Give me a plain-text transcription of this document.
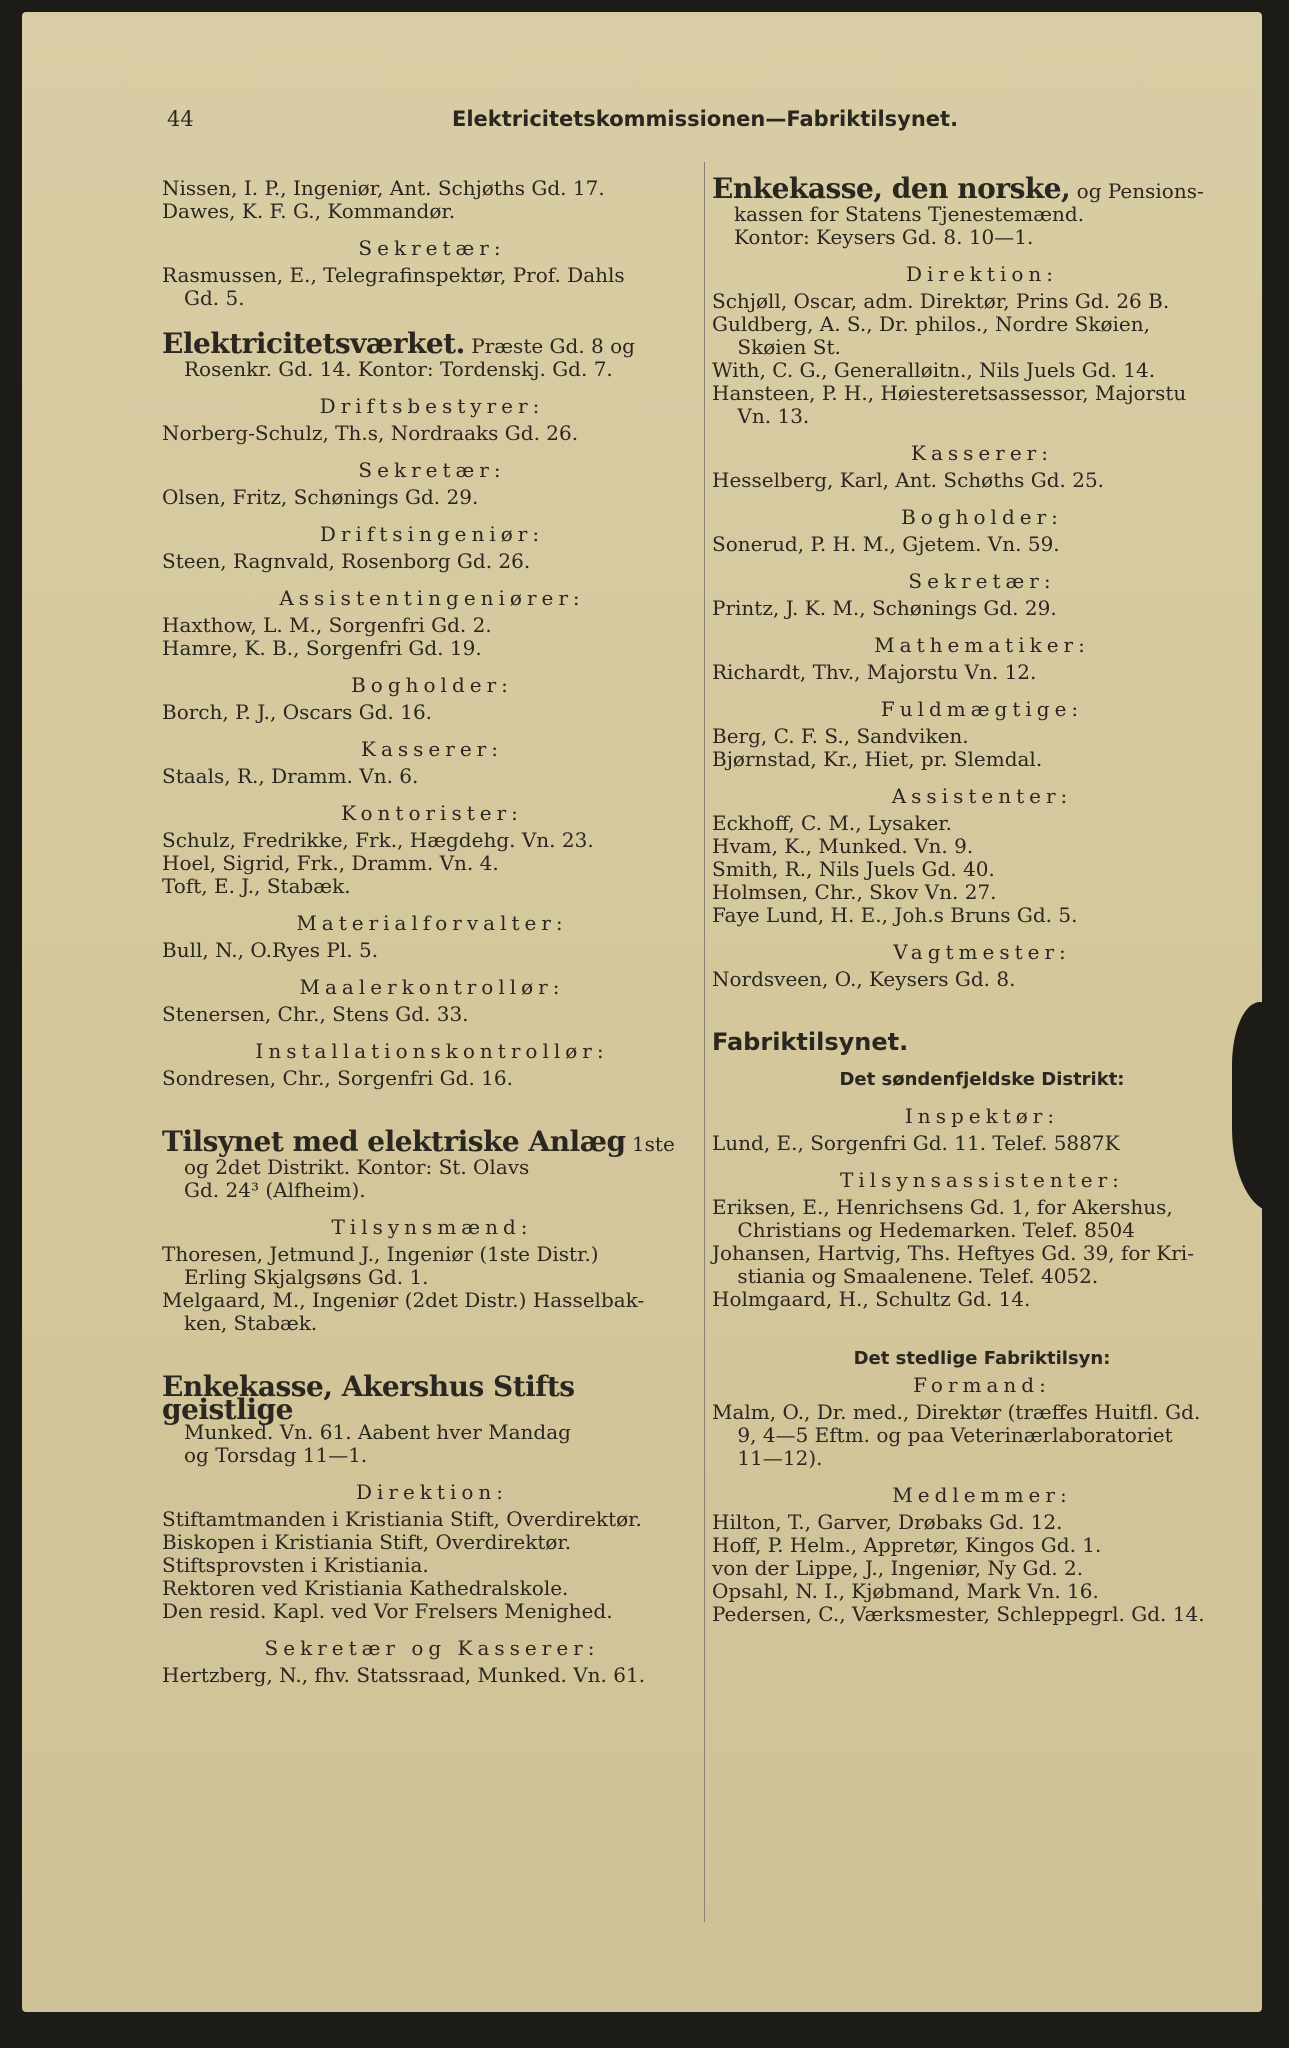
44	Elektricitetskommissionen—Fabriktilsynet.

Nissen, I. P., Ingeniør, Ant. Schjøths Gd. 17.

Dawes, K. F. G., Kommandør.

Sekretær:

Rasmussen, E., Telegrafinspektør, Prof. Dahls

Gd. 5.

Elektricitetsværket. Præste Gd. 8 og

Rosenkr. Gd. 14. Kontor: Tordenskj. Gd. 7.

Driftsbestyrer:

Norberg-Schulz, Th.s, Nordraaks Gd. 26.

Sekretær:

Olsen, Fritz, Schønings Gd. 29.

Driftsingeniør:

Steen, Ragnvald, Rosenborg Gd. 26.

Assistentingeniører:

Haxthow, L. M., Sorgenfri Gd. 2.

Hamre, K. B., Sorgenfri Gd. 19.

Bogholder:

Borch, P. J., Oscars Gd. 16.

Kasserer:

Staals, R., Dramm. Vn. 6.

Kontorister:

Schulz, Fredrikke, Frk., Hægdehg. Vn. 23.

Hoel, Sigrid, Frk., Dramm. Vn. 4.

Toft, E. J., Stabæk.

Materialforvalter:

Bull, N., O.Ryes Pl. 5.

Maalerkontrollør:

Stenersen, Chr., Stens Gd. 33.

Installationskontrollør:

Sondresen, Chr., Sorgenfri Gd. 16.

Tilsynet med elektriske Anlæg 1ste

og 2det Distrikt. Kontor: St. Olavs

Gd. 24³ (Alfheim).

Tilsynsmænd:

Thoresen, Jetmund J., Ingeniør (1ste Distr.)

Erling Skjalgsøns Gd. 1.

Melgaard, M., Ingeniør (2det Distr.) Hasselbak-

ken, Stabæk.

Enkekasse, Akershus Stifts geistlige

Munked. Vn. 61. Aabent hver Mandag

og Torsdag 11—1.

Direktion:

Stiftamtmanden i Kristiania Stift, Overdirektør.

Biskopen i Kristiania Stift, Overdirektør.

Stiftsprovsten i Kristiania.

Rektoren ved Kristiania Kathedralskole.

Den resid. Kapl. ved Vor Frelsers Menighed.

Sekretær og Kasserer:

Hertzberg, N., fhv. Statssraad, Munked. Vn. 61.

Enkekasse, den norske, og Pensions-

kassen for Statens Tjenestemænd.

Kontor: Keysers Gd. 8. 10—1.

Direktion:

Schjøll, Oscar, adm. Direktør, Prins Gd. 26 B.

Guldberg, A. S., Dr. philos., Nordre Skøien,

Skøien St.

With, C. G., Generalløitn., Nils Juels Gd. 14.

Hansteen, P. H., Høiesteretsassessor, Majorstu

Vn. 13.

Kasserer:

Hesselberg, Karl, Ant. Schøths Gd. 25.

Bogholder:

Sonerud, P. H. M., Gjetem. Vn. 59.

Sekretær:

Printz, J. K. M., Schønings Gd. 29.

Mathematiker:

Richardt, Thv., Majorstu Vn. 12.

Fuldmægtige:

Berg, C. F. S., Sandviken.

Bjørnstad, Kr., Hiet, pr. Slemdal.

Assistenter:

Eckhoff, C. M., Lysaker.

Hvam, K., Munked. Vn. 9.

Smith, R., Nils Juels Gd. 40.

Holmsen, Chr., Skov Vn. 27.

Faye Lund, H. E., Joh.s Bruns Gd. 5.

Vagtmester:

Nordsveen, O., Keysers Gd. 8.

Fabriktilsynet.

Det søndenfjeldske Distrikt:
Inspektør:

Lund, E., Sorgenfri Gd. 11. Telef. 5887K

Tilsynsassistenter:

Eriksen, E., Henrichsens Gd. 1, for Akershus,

Christians og Hedemarken. Telef. 8504

Johansen, Hartvig, Ths. Heftyes Gd. 39, for Kri-

stiania og Smaalenene. Telef. 4052.

Holmgaard, H., Schultz Gd. 14.

Det stedlige Fabriktilsyn:
Formand:

Malm, O., Dr. med., Direktør (træffes Huitfl. Gd.

9, 4—5 Eftm. og paa Veterinærlaboratoriet

11—12).

Medlemmer:

Hilton, T., Garver, Drøbaks Gd. 12.

Hoff, P. Helm., Appretør, Kingos Gd. 1.

von der Lippe, J., Ingeniør, Ny Gd. 2.

Opsahl, N. I., Kjøbmand, Mark Vn. 16.

Pedersen, C., Værksmester, Schleppegrl. Gd. 14.
